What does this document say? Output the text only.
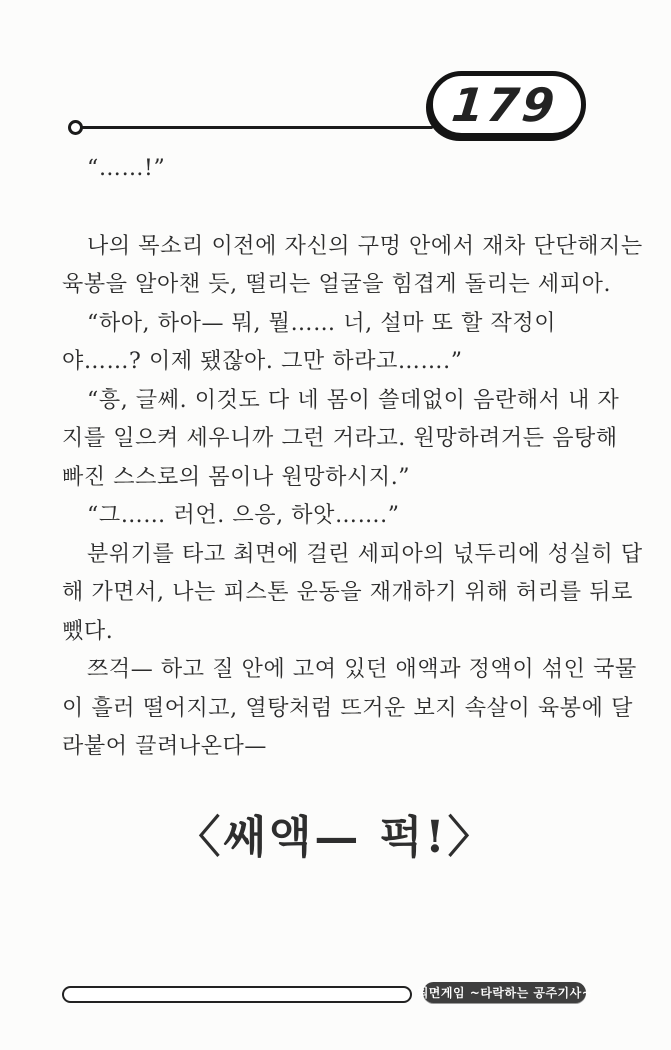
179
“……!”
나의 목소리 이전에 자신의 구멍 안에서 재차 단단해지는
육봉을 알아챈 듯, 떨리는 얼굴을 힘겹게 돌리는 세피아.
“하아, 하아— 뭐, 뭘…… 너, 설마 또 할 작정이
야……? 이제 됐잖아. 그만 하라고…….”
“흥, 글쎄. 이것도 다 네 몸이 쓸데없이 음란해서 내 자
지를 일으켜 세우니까 그런 거라고. 원망하려거든 음탕해
빠진 스스로의 몸이나 원망하시지.”
“그…… 러언. 으응, 하앗…….”
분위기를 타고 최면에 걸린 세피아의 넋두리에 성실히 답
해 가면서, 나는 피스톤 운동을 재개하기 위해 허리를 뒤로
뺐다.
쯔걱— 하고 질 안에 고여 있던 애액과 정액이 섞인 국물
이 흘러 떨어지고, 열탕처럼 뜨거운 보지 속살이 육봉에 달
라붙어 끌려나온다—
〈쌔액— 퍽!〉
최면게임 ~타락하는 공주기사~
